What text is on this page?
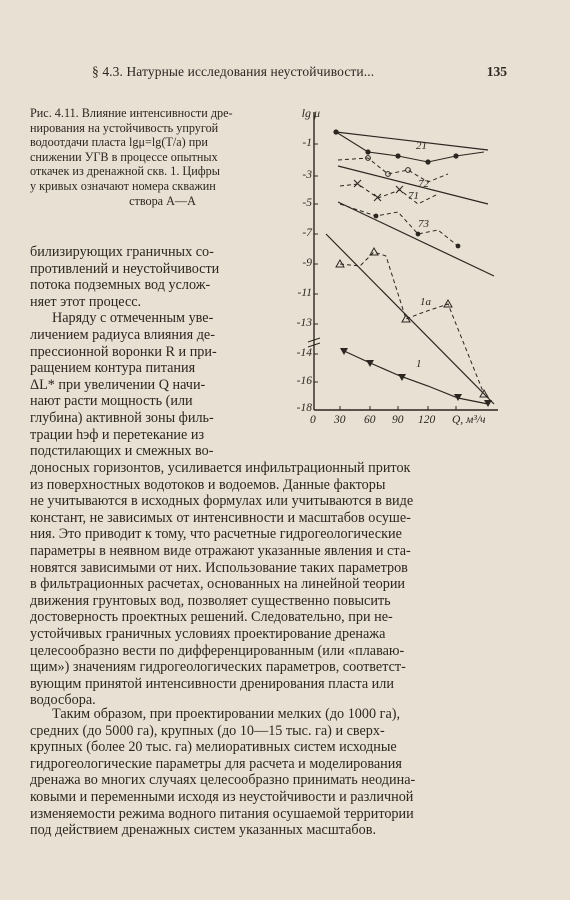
§ 4.3. Натурные исследования неустойчивости...	135
Рис. 4.11. Влияние интенсивности дре-
нирования на устойчивость упругой
водоотдачи пласта lgμ=lg(T/a) при
снижении УГВ в процессе опытных
откачек из дренажной скв. 1. Цифры
у кривых означают номера скважин
створа А—А
lg μ
-1
-3
-5
-7
-9
-11
-13
-14
-16
-18
0 30 60 90 120 Q, м³/ч
21
72
71
73
1a
1

билизирующих граничных со-

противлений и неустойчивости

потока подземных вод услож-

няет этот процесс.

Наряду с отмеченным уве-

личением радиуса влияния де-

прессионной воронки R и при-

ращением контура питания

ΔL* при увеличении Q начи-

нают расти мощность (или

глубина) активной зоны филь-

трации hэф и перетекание из

подстилающих и смежных во-

доносных горизонтов, усиливается инфильтрационный приток

из поверхностных водотоков и водоемов. Данные факторы

не учитываются в исходных формулах или учитываются в виде

констант, не зависимых от интенсивности и масштабов осуше-

ния. Это приводит к тому, что расчетные гидрогеологические

параметры в неявном виде отражают указанные явления и ста-

новятся зависимыми от них. Использование таких параметров

в фильтрационных расчетах, основанных на линейной теории

движения грунтовых вод, позволяет существенно повысить

достоверность проектных решений. Следовательно, при не-

устойчивых граничных условиях проектирование дренажа

целесообразно вести по дифференцированным (или «плаваю-

щим») значениям гидрогеологических параметров, соответст-

вующим принятой интенсивности дренирования пласта или

водосбора.

Таким образом, при проектировании мелких (до 1000 га),

средних (до 5000 га), крупных (до 10—15 тыс. га) и сверх-

крупных (более 20 тыс. га) мелиоративных систем исходные

гидрогеологические параметры для расчета и моделирования

дренажа во многих случаях целесообразно принимать неодина-

ковыми и переменными исходя из неустойчивости и различной

изменяемости режима водного питания осушаемой территории

под действием дренажных систем указанных масштабов.
